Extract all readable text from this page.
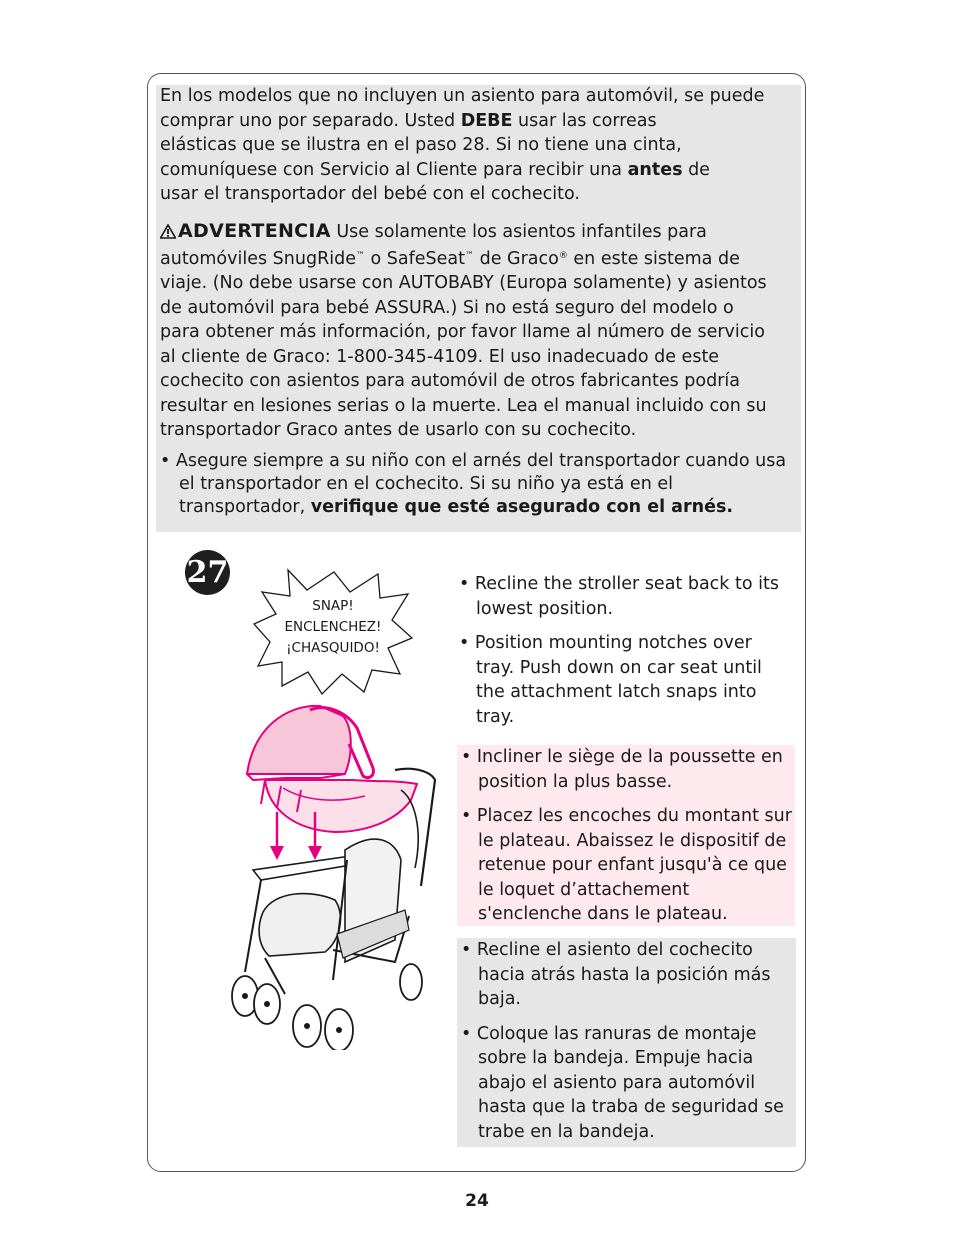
En los modelos que no incluyen un asiento para automóvil, se puede
comprar uno por separado. Usted DEBE usar las correas
elásticas que se ilustra en el paso 28. Si no tiene una cinta,
comuníquese con Servicio al Cliente para recibir una antes de
usar el transportador del bebé con el cochecito.
ADVERTENCIA Use solamente los asientos infantiles para
automóviles SnugRide™ o SafeSeat™ de Graco® en este sistema de
viaje. (No debe usarse con AUTOBABY (Europa solamente) y asientos
de automóvil para bebé ASSURA.) Si no está seguro del modelo o
para obtener más información, por favor llame al número de servicio
al cliente de Graco: 1-800-345-4109. El uso inadecuado de este
cochecito con asientos para automóvil de otros fabricantes podría
resultar en lesiones serias o la muerte. Lea el manual incluido con su
transportador Graco antes de usarlo con su cochecito.

• Asegure siempre a su niño con el arnés del transportador cuando usa el transportador en el cochecito. Si su niño ya está en el transportador, verifique que esté asegurado con el arnés.

27
SNAP!
ENCLENCHEZ!
¡CHASQUIDO!

• Recline the stroller seat back to its lowest position.

• Position mounting notches over tray. Push down on car seat until the attachment latch snaps into tray.

• Incliner le siège de la poussette en position la plus basse.

• Placez les encoches du montant sur le plateau. Abaissez le dispositif de retenue pour enfant jusqu'à ce que le loquet d’attachement s'enclenche dans le plateau.

• Recline el asiento del cochecito hacia atrás hasta la posición más baja.

• Coloque las ranuras de montaje sobre la bandeja. Empuje hacia abajo el asiento para automóvil hasta que la traba de seguridad se trabe en la bandeja.

24
